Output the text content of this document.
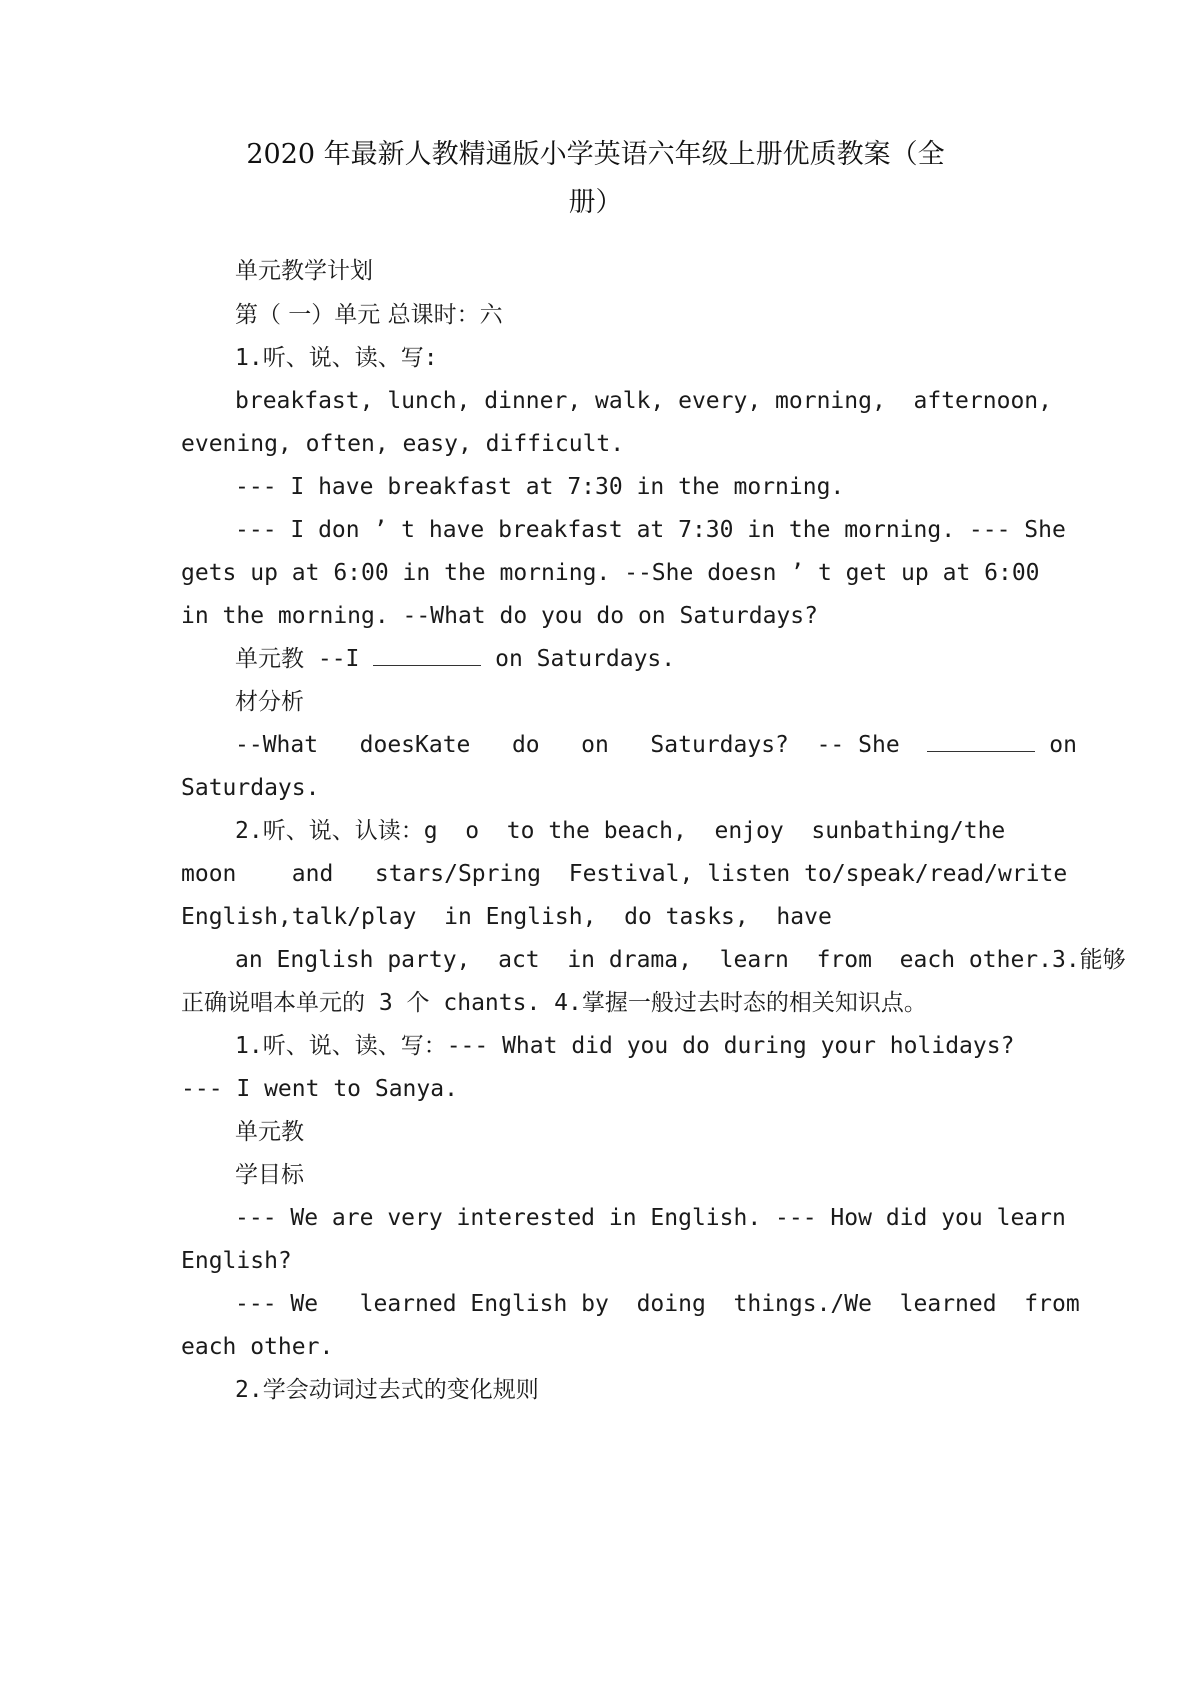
2020 年最新人教精通版小学英语六年级上册优质教案（全
册）
单元教学计划
第（ 一）单元 总课时：六
1.听、说、读、写:
breakfast, lunch, dinner, walk, every, morning,  afternoon,
evening, often, easy, difficult.
--- I have breakfast at 7:30 in the morning.
--- I don ’ t have breakfast at 7:30 in the morning. --- She
gets up at 6:00 in the morning. --She doesn ’ t get up at 6:00
in the morning. --What do you do on Saturdays?
单元教 --I	on Saturdays.
材分析
--What   doesKate   do   on   Saturdays?  -- She	on
Saturdays.
2.听、说、认读：g  o  to the beach,  enjoy  sunbathing/the
moon    and   stars/Spring  Festival, listen to/speak/read/write
English,talk/play  in English,  do tasks,  have
an English party,  act  in drama,  learn  from  each other.3.能够
正确说唱本单元的 3 个 chants. 4.掌握一般过去时态的相关知识点。
1.听、说、读、写：--- What did you do during your holidays?
--- I went to Sanya.
单元教
学目标
--- We are very interested in English. --- How did you learn
English?
--- We   learned English by  doing  things./We  learned  from
each other.
2.学会动词过去式的变化规则
